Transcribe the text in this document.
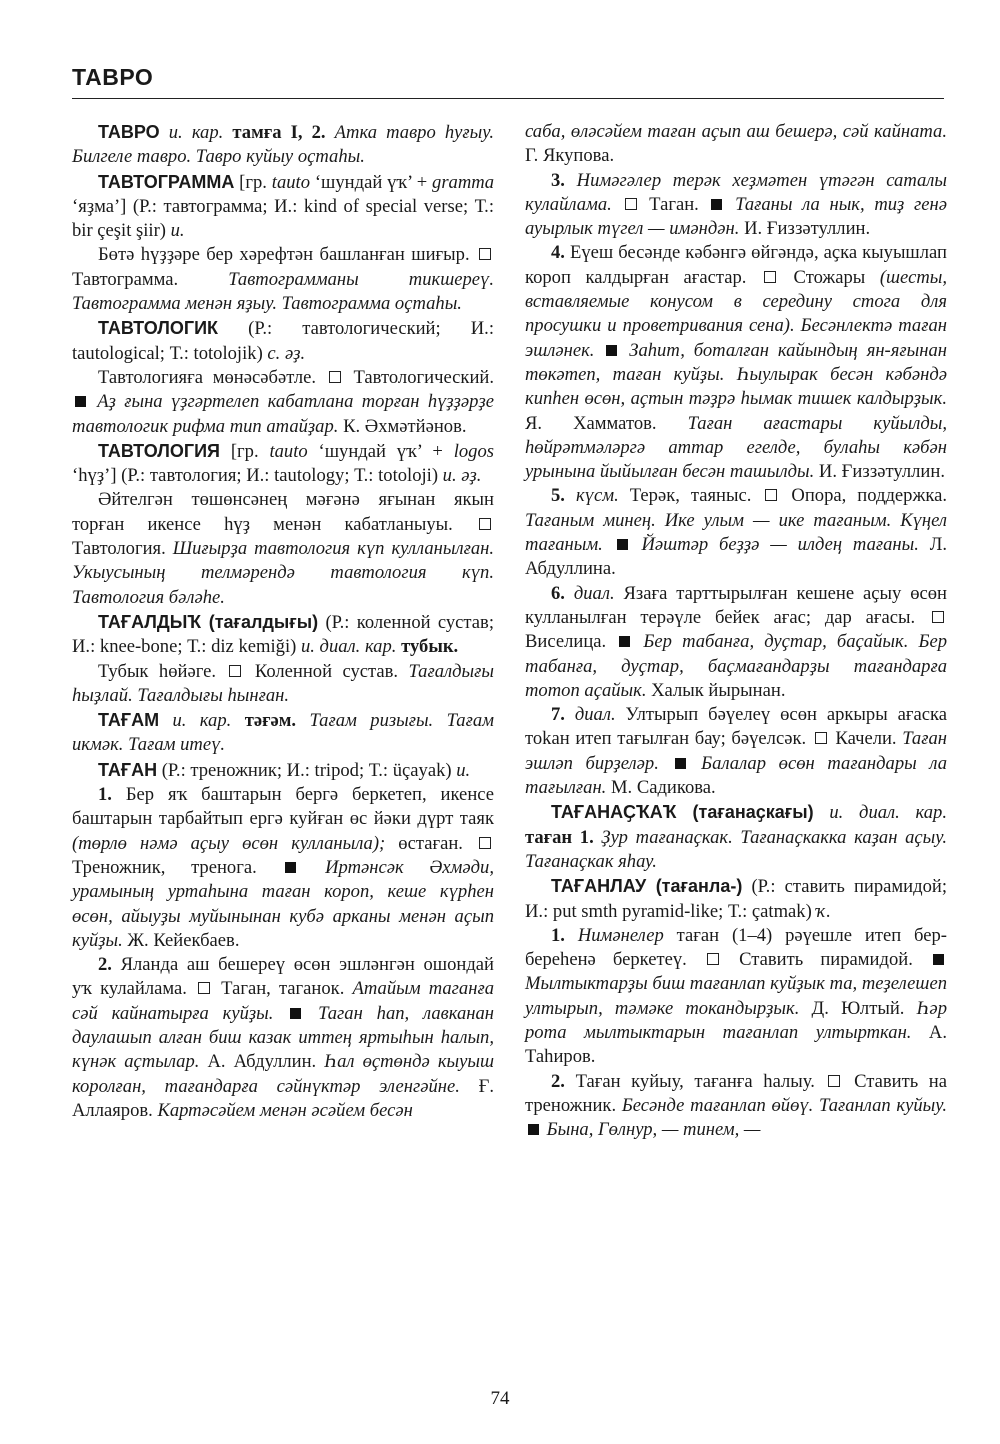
ТАВРО

ТАВРО и. кар. тамға I, 2. Атка тавро һуғыу. Билгеле тавро. Тавро куйыу оҫтаһы.

ТАВТОГРАММА [гр. tauto ‘шундай үҡ’ + gramma ‘яҙма’] (Р.: тавтограмма; И.: kind of special verse; Т.: bir çeşit şiir) и.

Бөтә һүҙҙәре бер хәрефтән башланған шиғыр.  Тавтограмма. Тавтограмманы тикшереү. Тавтограмма менән яҙыу. Тавтограмма оҫтаһы.

ТАВТОЛОГИК (Р.: тавтологический; И.: tautological; Т.: totolojik) с. әҙ.

Тавтологияға мөнәсәбәтле.  Тавтологический.  Аҙ ғына үҙгәртелеп кабатлана торған һүҙҙәрҙе тавтологик рифма тип атайҙар. К. Әхмәтйәнов.

ТАВТОЛОГИЯ [гр. tauto ‘шундай үҡ’ + logos ‘һүҙ’] (Р.: тавтология; И.: tautology; Т.: totoloji) и. әҙ.

Әйтелгән төшөнсәнең мәғәнә яғынан якын торған икенсе һүҙ менән кабатланыуы.  Тавтология. Шиғырҙа тавтология күп кулланылған. Укыусының телмәрендә тавтология күп. Тавтология бәләһе.

ТАҒАЛДЫҠ (тағалдығы) (Р.: коленной сустав; И.: knee-bone; Т.: diz kemiği) и. диал. кар. тубык.

Тубык һөйәге.  Коленной сустав. Тағалдығы һыҙлай. Тағалдығы һынған.

ТАҒАМ и. кар. тәғәм. Тағам ризығы. Тағам икмәк. Тағам итеү.

ТАҒАН (Р.: треножник; И.: tripod; Т.: üçayak) и.

1. Бер яҡ баштарын бергә беркетеп, икенсе баштарын тарбайтып ергә куйған өс йәки дүрт таяк (төрлө нәмә аҫыу өсөн кулланыла); өстаған.  Треножник, тренога.  Иртәнсәк Әхмәди, урамының уртаһына таған короп, кеше күрһен өсөн, айыуҙы муйынынан кубә арканы менән аҫып куйҙы. Ж. Кейекбаев.

2. Яланда аш бешереү өсөн эшләнгән ошондай уҡ кулайлама.  Таган, таганок. Атайым таганға сәй кайнатырға куйҙы.  Таган һап, лавканан даулашып алған биш казак иттең яртыһын һалып, күнәк аҫтылар. А. Абдуллин. Һал өҫтөндә кыуыш королған, тағандарға сәйнүктәр эленгәйне. Ғ. Аллаяров. Картәсәйем менән әсәйем бесән

саба, өләсәйем таған аҫып аш бешерә, сәй кайната. Г. Якупова.

3. Нимәгәлер терәк хеҙмәтен үтәгән саталы кулайлама.  Таган.  Тағаны ла нык, тиҙ генә ауырлык түгел — имәндән. И. Ғиззәтуллин.

4. Еүеш бесәнде кәбәнгә өйгәндә, аҫка кыуышлап короп калдырған ағастар.  Стожары (шесты, вставляемые конусом в середину стога для просушки и проветривания сена). Бесәнлектә таған эшләнек.  Заһит, боталған кайындың ян-яғынан төкәтеп, таған куйҙы. Һыулырак бесән кәбәндә кипһен өсөн, аҫтын тәҙрә һымак тишек калдырҙык. Я. Хамматов. Таған ағастары куйылды, һөйрәтмәләргә аттар егелде, булаһы кәбән урынына йыйылған бесән ташылды. И. Ғиззәтуллин.

5. күсм. Терәк, таяныс.  Опора, поддержка. Тағаным минең. Ике улым — ике тағаным. Күңел тағаным.  Йәштәр беҙҙә — илдең тағаны. Л. Абдуллина.

6. диал. Язаға тарттырылған кешене аҫыу өсөн кулланылған терәүле бейек ағас; дар ағасы.  Виселица.  Бер табанға, дуҫтар, баҫайык. Бер табанға, дуҫтар, баҫмағандарҙы тағандарға тотоп аҫайык. Халык йырынан.

7. диал. Ултырып бәүелеү өсөн аркыры ағаска тоkан итеп тағылған бау; бәүелсәк.  Качели. Таған эшләп бирҙеләр.  Балалар өсөн тағандары ла тағылған. М. Садикова.

ТАҒАНАҪҠАҠ (тағанаҫкағы) и. диал. кар. таған 1. Ҙур тағанаҫкак. Тағанаҫкакка каҙан аҫыу. Тағанаҫкак яһау.

ТАҒАНЛАУ (тағанла-) (Р.: ставить пирамидой; И.: put smth pyramid-like; Т.: çatmak) ҡ.

1. Нимәнелер таған (1–4) рәүешле итеп бер-береһенә беркетеү.  Ставить пирамидой.  Мылтыктарҙы биш тағанлап куйҙык та, теҙелешеп ултырып, тәмәке токандырҙык. Д. Юлтый. Һәр рота мылтыктарын тағанлап ултырткан. А. Таһиров.

2. Таған куйыу, тағанға һалыу.  Ставить на треножник. Бесәнде тағанлап өйөү. Тағанлап куйыу.  Бына, Гөлнур, — тинем, —

74
